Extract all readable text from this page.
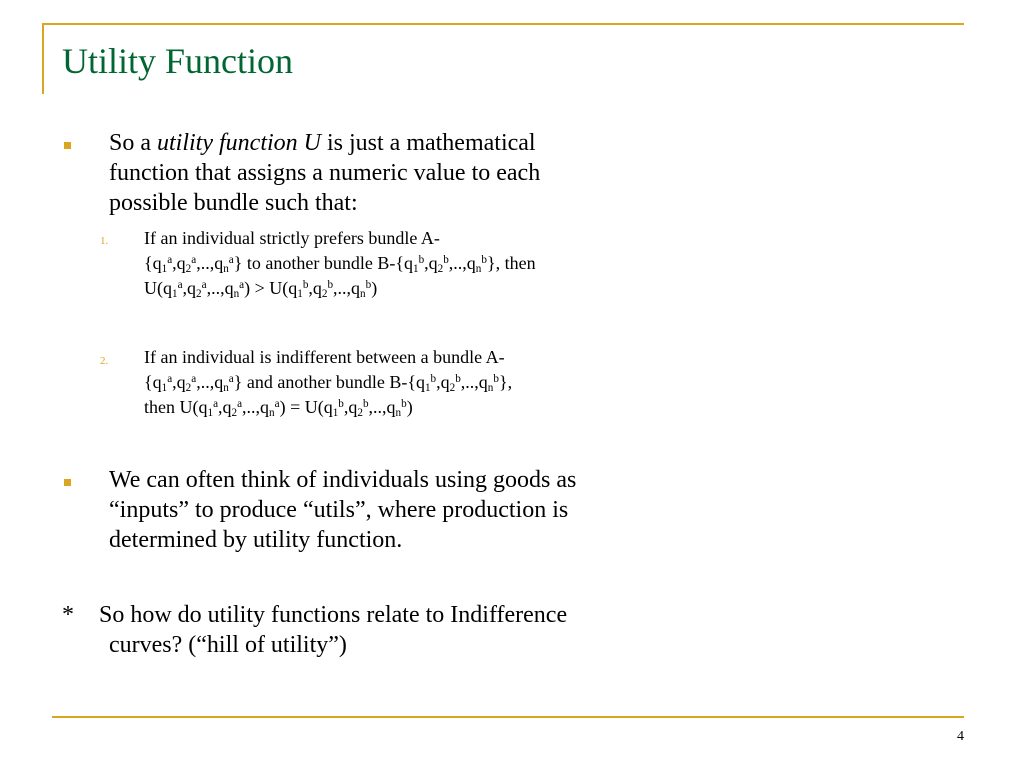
Utility Function
So a utility function U is just a mathematical
function that assigns a numeric value to each
possible bundle such that:
1. If an individual strictly prefers bundle A-
$\{q_1^a,q_2^a,..,q_n^a\}$ to another bundle $B-\{q_1^b,q_2^b,..,q_n^b\}$, then
$U(q_1^a,q_2^a,..,q_n^a) > U(q_1^b,q_2^b,..,q_n^b)$
2. If an individual is indifferent between a bundle A-
$\{q_1^a,q_2^a,..,q_n^a\}$ and another bundle $B-\{q_1^b,q_2^b,..,q_n^b\}$,
then $U(q_1^a,q_2^a,..,q_n^a) = U(q_1^b,q_2^b,..,q_n^b)$
We can often think of individuals using goods as
“inputs” to produce “utils”, where production is
determined by utility function.
* So how do utility functions relate to Indifference
curves? (“hill of utility”)
4
